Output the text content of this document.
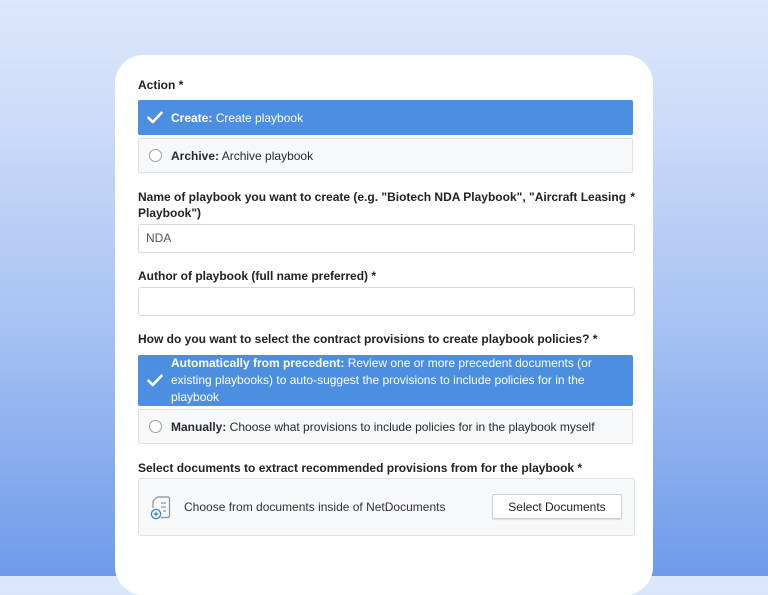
Action *
Create: Create playbook
Archive: Archive playbook
Name of playbook you want to create (e.g. "Biotech NDA Playbook", "Aircraft Leasing
Playbook")
*
NDA
Author of playbook (full name preferred) *
How do you want to select the contract provisions to create playbook policies? *
Automatically from precedent: Review one or more precedent documents (or existing playbooks) to auto-suggest the provisions to include policies for in the playbook
Manually: Choose what provisions to include policies for in the playbook myself
Select documents to extract recommended provisions from for the playbook *
Choose from documents inside of NetDocuments	Select Documents
